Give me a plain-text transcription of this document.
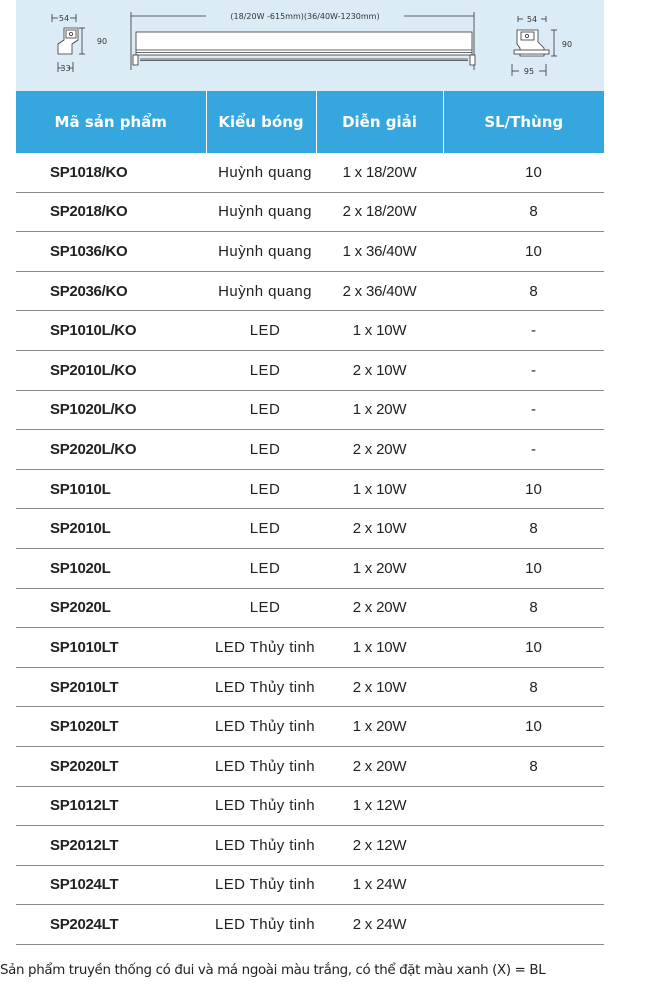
54
90
33
(18/20W -615mm)(36/40W-1230mm)	54
90
95
Mã sản phẩm	Kiểu bóng	Diễn giải	SL/Thùng
SP1018/KO	Huỳnh quang	1 x 18/20W	10
SP2018/KO	Huỳnh quang	2 x 18/20W	8
SP1036/KO	Huỳnh quang	1 x 36/40W	10
SP2036/KO	Huỳnh quang	2 x 36/40W	8
SP1010L/KO	LED	1 x 10W	-
SP2010L/KO	LED	2 x 10W	-
SP1020L/KO	LED	1 x 20W	-
SP2020L/KO	LED	2 x 20W	-
SP1010L	LED	1 x 10W	10
SP2010L	LED	2 x 10W	8
SP1020L	LED	1 x 20W	10
SP2020L	LED	2 x 20W	8
SP1010LT	LED Thủy tinh	1 x 10W	10
SP2010LT	LED Thủy tinh	2 x 10W	8
SP1020LT	LED Thủy tinh	1 x 20W	10
SP2020LT	LED Thủy tinh	2 x 20W	8
SP1012LT	LED Thủy tinh	1 x 12W	
SP2012LT	LED Thủy tinh	2 x 12W	
SP1024LT	LED Thủy tinh	1 x 24W	
SP2024LT	LED Thủy tinh	2 x 24W	
Sản phẩm truyền thống có đui và má ngoài màu trắng, có thể đặt màu xanh (X) = BL
